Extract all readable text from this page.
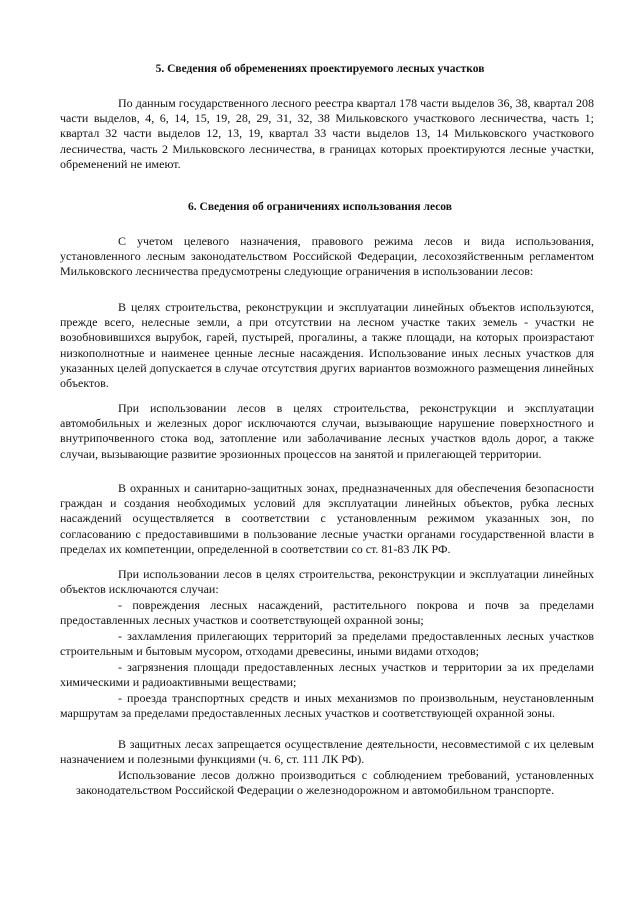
5. Сведения об обременениях проектируемого лесных участков

По данным государственного лесного реестра квартал 178 части выделов 36, 38, квартал 208 части выделов, 4, 6, 14, 15, 19, 28, 29, 31, 32, 38 Мильковского участкового лесничества, часть 1; квартал 32 части выделов 12, 13, 19, квартал 33 части выделов 13, 14 Мильковского участкового лесничества, часть 2 Мильковского лесничества, в границах которых проектируются лесные участки, обременений не имеют.

6. Сведения об ограничениях использования лесов

С учетом целевого назначения, правового режима лесов и вида использования, установленного лесным законодательством Российской Федерации, лесохозяйственным регламентом Мильковского лесничества предусмотрены следующие ограничения в использовании лесов:

В целях строительства, реконструкции и эксплуатации линейных объектов используются, прежде всего, нелесные земли, а при отсутствии на лесном участке таких земель - участки не возобновившихся вырубок, гарей, пустырей, прогалины, а также площади, на которых произрастают низкополнотные и наименее ценные лесные насаждения. Использование иных лесных участков для указанных целей допускается в случае отсутствия других вариантов возможного размещения линейных объектов.

При использовании лесов в целях строительства, реконструкции и эксплуатации автомобильных и железных дорог исключаются случаи, вызывающие нарушение поверхностного и внутрипочвенного стока вод, затопление или заболачивание лесных участков вдоль дорог, а также случаи, вызывающие развитие эрозионных процессов на занятой и прилегающей территории.

В охранных и санитарно-защитных зонах, предназначенных для обеспечения безопасности граждан и создания необходимых условий для эксплуатации линейных объектов, рубка лесных насаждений осуществляется в соответствии с установленным режимом указанных зон, по согласованию с предоставившими в пользование лесные участки органами государственной власти в пределах их компетенции, определенной в соответствии со ст. 81-83 ЛК РФ.

При использовании лесов в целях строительства, реконструкции и эксплуатации линейных объектов исключаются случаи:

- повреждения лесных насаждений, растительного покрова и почв за пределами предоставленных лесных участков и соответствующей охранной зоны;

- захламления прилегающих территорий за пределами предоставленных лесных участков строительным и бытовым мусором, отходами древесины, иными видами отходов;

- загрязнения площади предоставленных лесных участков и территории за их пределами химическими и радиоактивными веществами;

- проезда транспортных средств и иных механизмов по произвольным, неустановленным маршрутам за пределами предоставленных лесных участков и соответствующей охранной зоны.

В защитных лесах запрещается осуществление деятельности, несовместимой с их целевым назначением и полезными функциями (ч. 6, ст. 111 ЛК РФ).

Использование лесов должно производиться с соблюдением требований, установленных законодательством Российской Федерации о железнодорожном и автомобильном транспорте.
